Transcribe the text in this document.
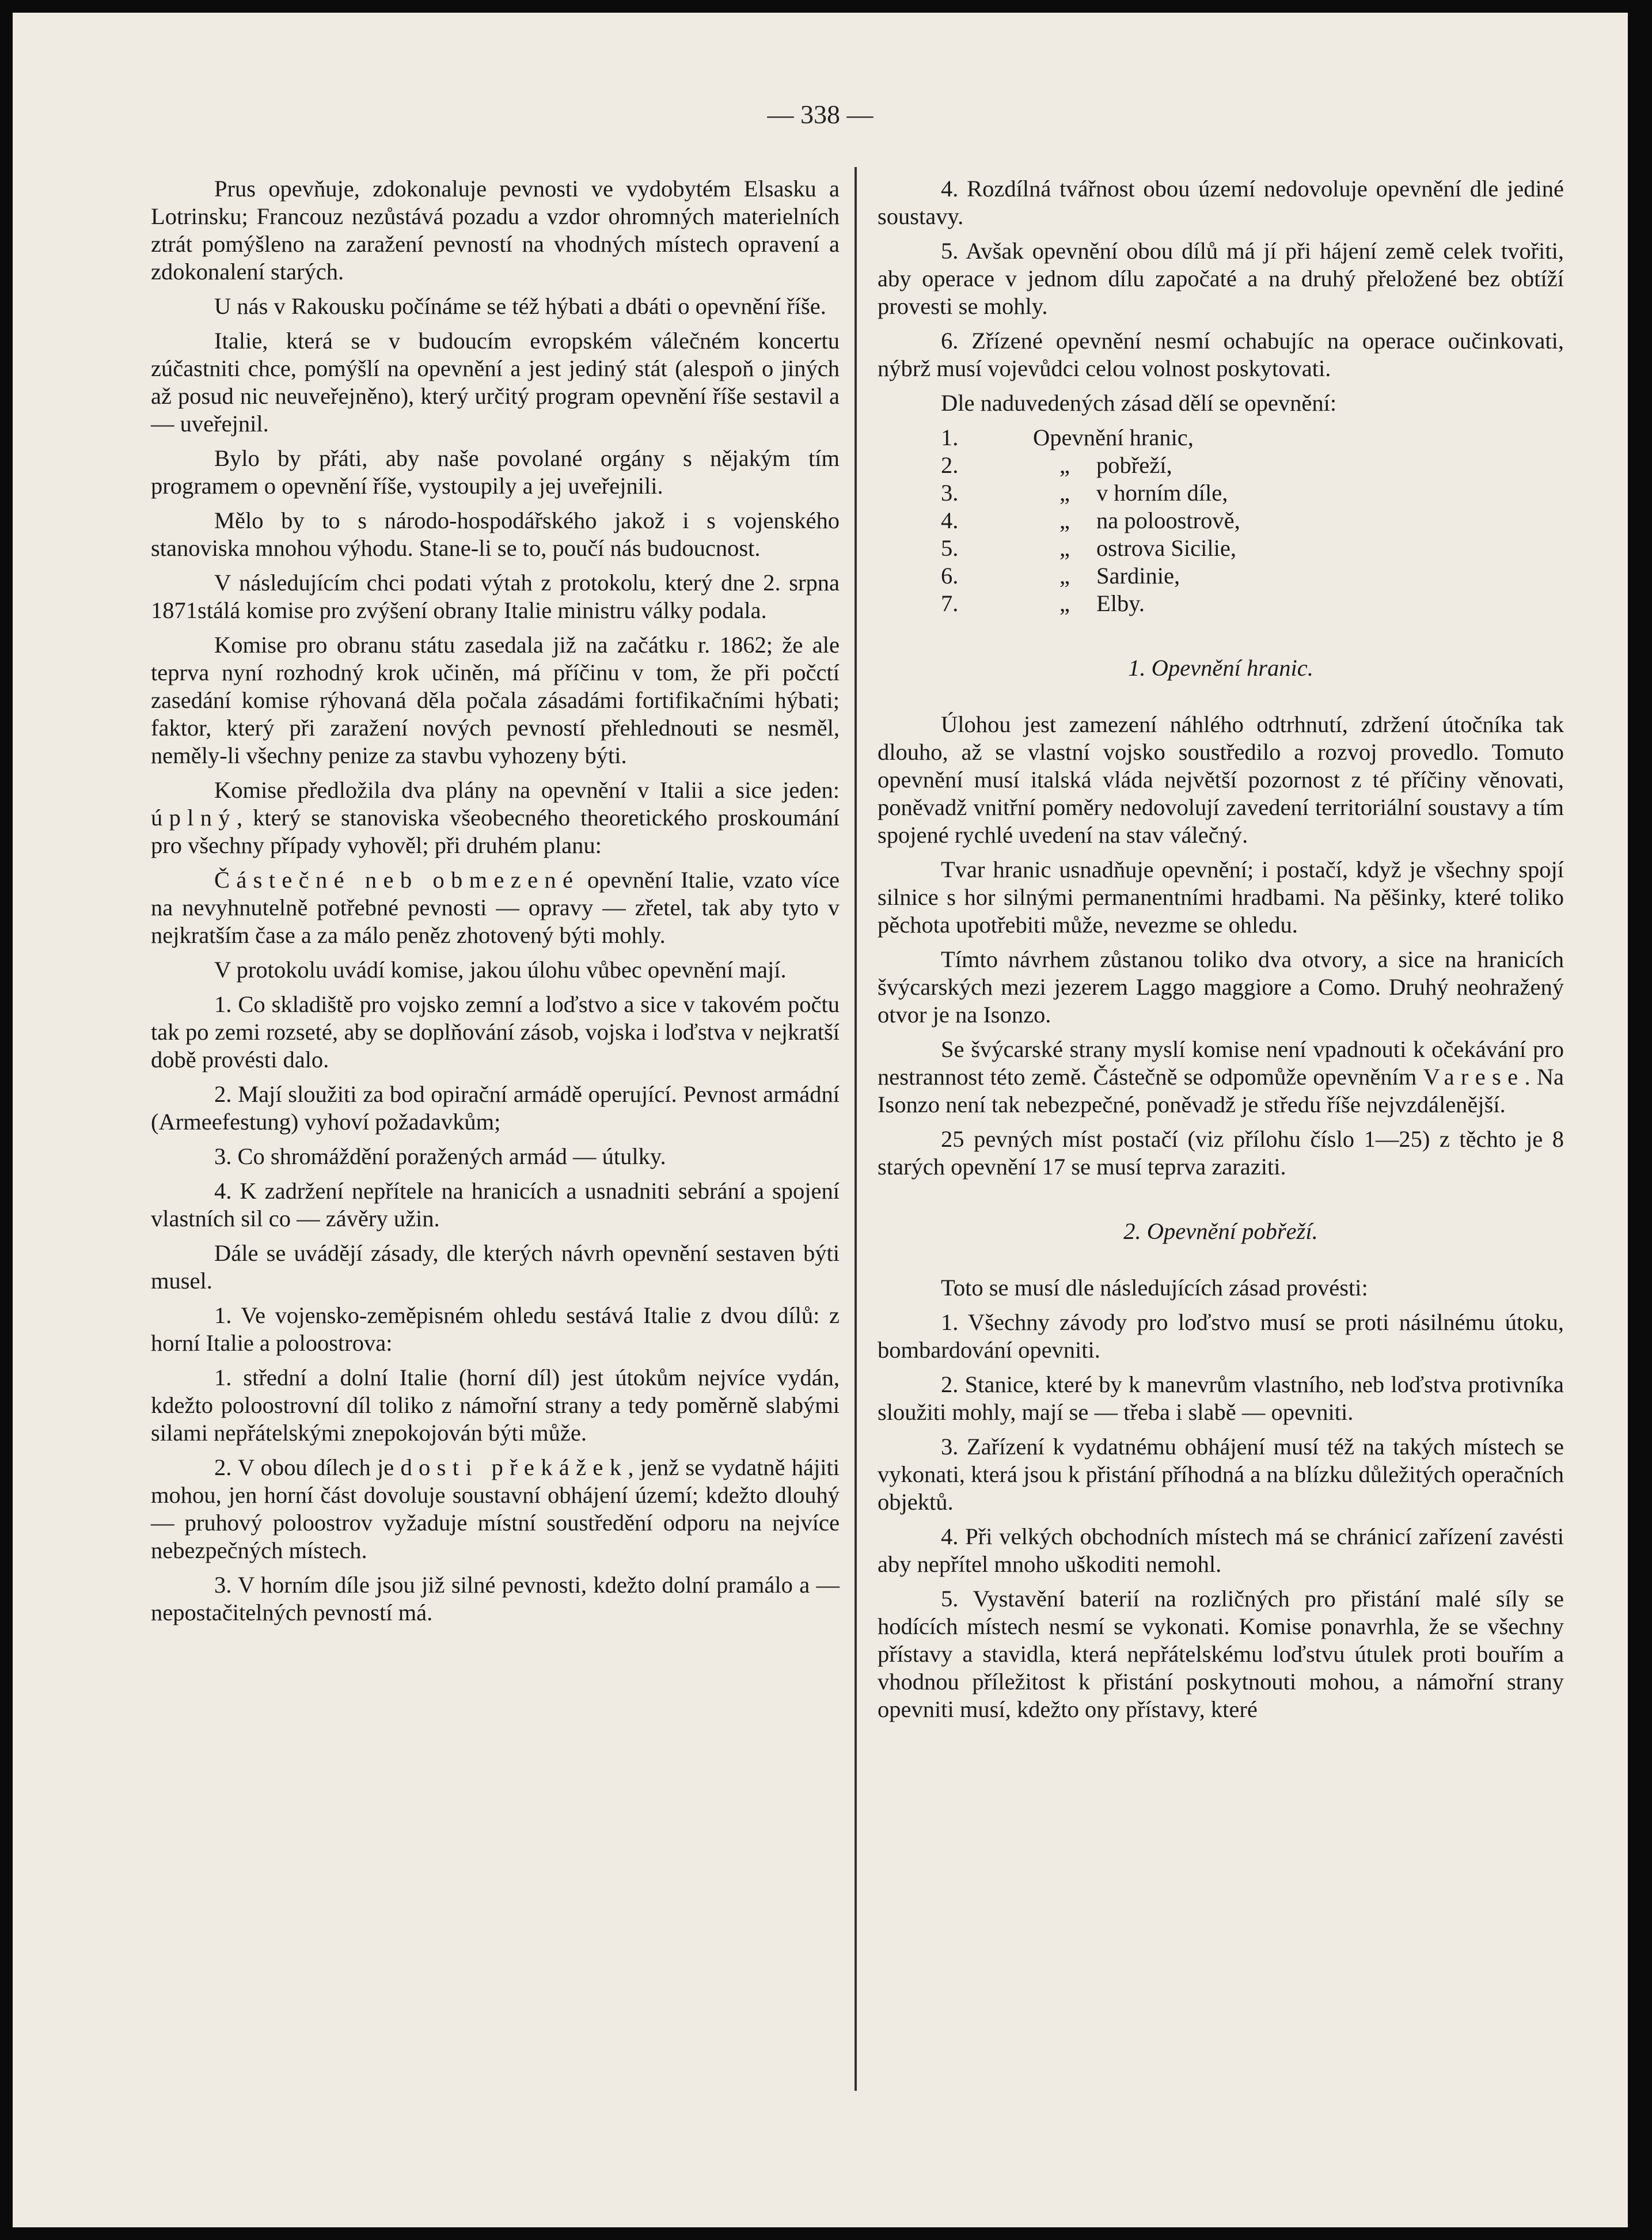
— 338 —

Prus opevňuje, zdokonaluje pevnosti ve vydobytém Elsasku a Lotrinsku; Francouz nezůstává pozadu a vzdor ohromných materielních ztrát pomýšleno na zaražení pevností na vhodných místech opravení a zdokonalení starých.

U nás v Rakousku počínáme se též hýbati a dbáti o opevnění říše.

Italie, která se v budoucím evropském válečném koncertu zúčastniti chce, pomýšlí na opevnění a jest jediný stát (alespoň o jiných až posud nic neuveřejněno), který určitý program opevnění říše sestavil a — uveřejnil.

Bylo by přáti, aby naše povolané orgány s nějakým tím programem o opevnění říše, vystoupily a jej uveřejnili.

Mělo by to s národo-hospodářského jakož i s vojenského stanoviska mnohou výhodu. Stane-li se to, poučí nás budoucnost.

V následujícím chci podati výtah z protokolu, který dne 2. srpna 1871stálá komise pro zvýšení obrany Italie ministru války podala.

Komise pro obranu státu zasedala již na začátku r. 1862; že ale teprva nyní rozhodný krok učiněn, má příčinu v tom, že při počctí zasedání komise rýhovaná děla počala zásadámi fortifikačními hýbati; faktor, který při zaražení nových pevností přehlednouti se nesměl, neměly-li všechny penize za stavbu vyhozeny býti.

Komise předložila dva plány na opevnění v Italii a sice jeden: úplný, který se stanoviska všeobecného theoretického proskoumání pro všechny případy vyhověl; při druhém planu:

Částečné neb obmezené opevnění Italie, vzato více na nevyhnutelně potřebné pevnosti — opravy — zřetel, tak aby tyto v nejkratším čase a za málo peněz zhotovený býti mohly.

V protokolu uvádí komise, jakou úlohu vůbec opevnění mají.

1. Co skladiště pro vojsko zemní a loďstvo a sice v takovém počtu tak po zemi rozseté, aby se doplňování zásob, vojska i loďstva v nejkratší době provésti dalo.

2. Mají sloužiti za bod opirační armádě operující. Pevnost armádní (Armeefestung) vyhoví požadavkům;

3. Co shromáždění poražených armád — útulky.

4. K zadržení nepřítele na hranicích a usnadniti sebrání a spojení vlastních sil co — závěry užin.

Dále se uvádějí zásady, dle kterých návrh opevnění sestaven býti musel.

1. Ve vojensko-zeměpisném ohledu sestává Italie z dvou dílů: z horní Italie a poloostrova:

1. střední a dolní Italie (horní díl) jest útokům nejvíce vydán, kdežto poloostrovní díl toliko z námořní strany a tedy poměrně slabými silami nepřátelskými znepokojován býti může.

2. V obou dílech je dosti překážek, jenž se vydatně hájiti mohou, jen horní část dovoluje soustavní obhájení území; kdežto dlouhý — pruhový poloostrov vyžaduje místní soustředění odporu na nejvíce nebezpečných místech.

3. V horním díle jsou již silné pevnosti, kdežto dolní pramálo a — nepostačitelných pevností má.

4. Rozdílná tvářnost obou území nedovoluje opevnění dle jediné soustavy.

5. Avšak opevnění obou dílů má jí při hájení země celek tvořiti, aby operace v jednom dílu započaté a na druhý přeložené bez obtíží provesti se mohly.

6. Zřízené opevnění nesmí ochabujíc na operace oučinkovati, nýbrž musí vojevůdci celou volnost poskytovati.

Dle naduvedených zásad dělí se opevnění:

1.	Opevnění hranic,
2.	„	pobřeží,
3.	„	v horním díle,
4.	„	na poloostrově,
5.	„	ostrova Sicilie,
6.	„	Sardinie,
7.	„	Elby.

1. Opevnění hranic.

Úlohou jest zamezení náhlého odtrhnutí, zdržení útočníka tak dlouho, až se vlastní vojsko soustředilo a rozvoj provedlo. Tomuto opevnění musí italská vláda největší pozornost z té příčiny věnovati, poněvadž vnitřní poměry nedovolují zavedení territoriální soustavy a tím spojené rychlé uvedení na stav válečný.

Tvar hranic usnadňuje opevnění; i postačí, když je všechny spojí silnice s hor silnými permanentními hradbami. Na pěšinky, které toliko pěchota upotřebiti může, nevezme se ohledu.

Tímto návrhem zůstanou toliko dva otvory, a sice na hranicích švýcarských mezi jezerem Laggo maggiore a Como. Druhý neohražený otvor je na Isonzo.

Se švýcarské strany myslí komise není vpadnouti k očekávání pro nestrannost této země. Částečně se odpomůže opevněním Varese. Na Isonzo není tak nebezpečné, poněvadž je středu říše nejvzdálenější.

25 pevných míst postačí (viz přílohu číslo 1—25) z těchto je 8 starých opevnění 17 se musí teprva zaraziti.

2. Opevnění pobřeží.

Toto se musí dle následujících zásad provésti:

1. Všechny závody pro loďstvo musí se proti násilnému útoku, bombardování opevniti.

2. Stanice, které by k manevrům vlastního, neb loďstva protivníka sloužiti mohly, mají se — třeba i slabě — opevniti.

3. Zařízení k vydatnému obhájení musí též na takých místech se vykonati, která jsou k přistání příhodná a na blízku důležitých operačních objektů.

4. Při velkých obchodních místech má se chránicí zařízení zavésti aby nepřítel mnoho uškoditi nemohl.

5. Vystavění baterií na rozličných pro přistání malé síly se hodících místech nesmí se vykonati. Komise ponavrhla, že se všechny přístavy a stavidla, která nepřátelskému loďstvu útulek proti bouřím a vhodnou příležitost k přistání poskytnouti mohou, a námořní strany opevniti musí, kdežto ony přístavy, které
